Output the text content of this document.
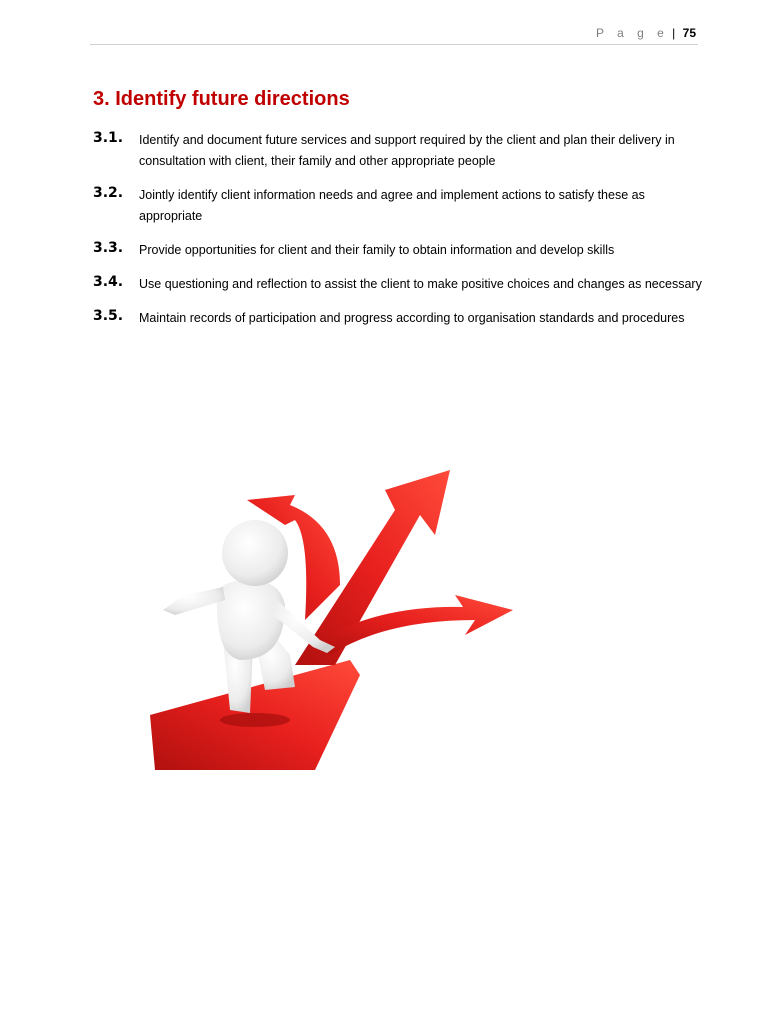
P a g e | 75
3. Identify future directions
3.1. Identify and document future services and support required by the client and plan their delivery in consultation with client, their family and other appropriate people
3.2. Jointly identify client information needs and agree and implement actions to satisfy these as appropriate
3.3. Provide opportunities for client and their family to obtain information and develop skills
3.4. Use questioning and reflection to assist the client to make positive choices and changes as necessary
3.5. Maintain records of participation and progress according to organisation standards and procedures
